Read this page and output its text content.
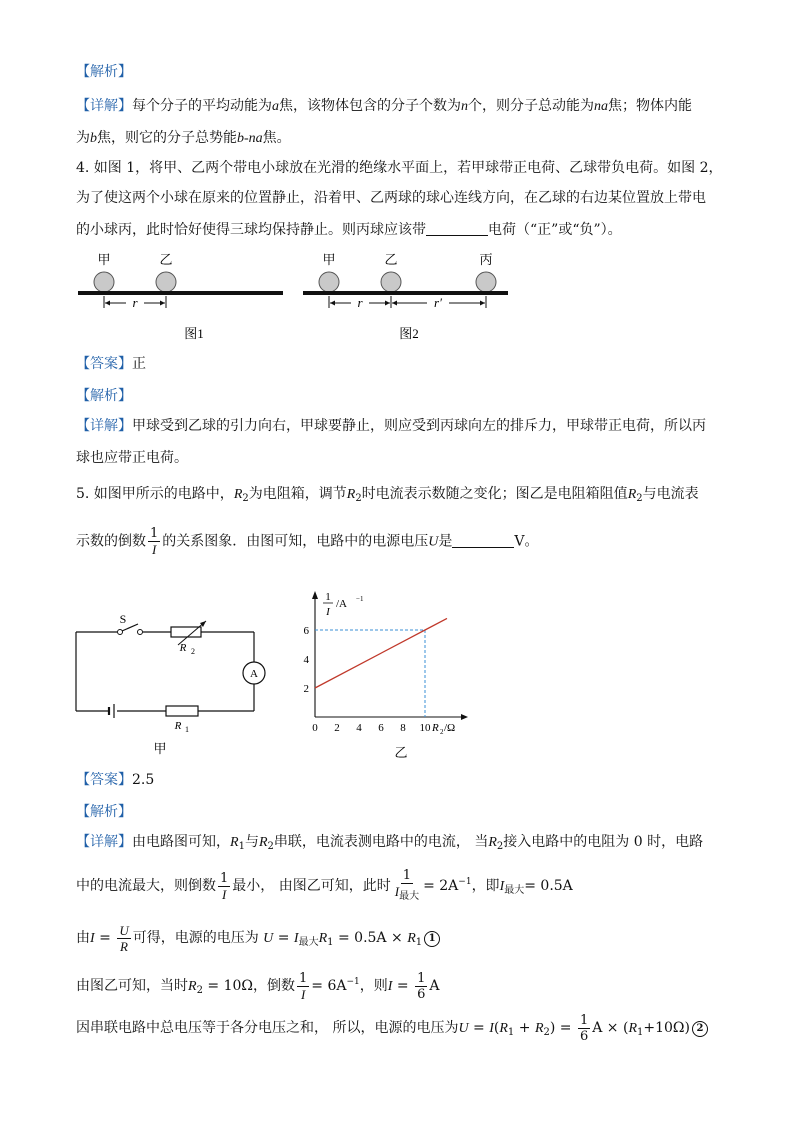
【解析】
【详解】每个分子的平均动能为a焦，该物体包含的分子个数为n个，则分子总动能为na焦；物体内能
为b焦，则它的分子总势能b-na焦。
4. 如图 1，将甲、乙两个带电小球放在光滑的绝缘水平面上，若甲球带正电荷、乙球带负电荷。如图 2，
为了使这两个小球在原来的位置静止，沿着甲、乙两球的球心连线方向，在乙球的右边某位置放上带电
的小球丙，此时恰好使得三球均保持静止。则丙球应该带	电荷（“正”或“负”）。
甲	乙
r
图1
甲	乙	丙
r	r′
图2
【答案】正
【解析】
【详解】甲球受到乙球的引力向右，甲球要静止，则应受到丙球向左的排斥力，甲球带正电荷，所以丙
球也应带正电荷。
5. 如图甲所示的电路中，$R_2$为电阻箱，调节$R_2$时电流表示数随之变化；图乙是电阻箱阻值$R_2$与电流表
示数的倒数 $\frac{1}{I}$ 的关系图象．由图可知，电路中的电源电压U是	V。
S
R 2
A
R 1
甲
1
I
/A −1
R 2 /Ω
乙
0 2 4 6 8 10
2
4
6
【答案】2.5
【解析】
【详解】由电路图可知，$R_1$与$R_2$串联，电流表测电路中的电流， 当$R_2$接入电路中的电阻为 0 时，电路
中的电流最大，则倒数 $\frac{1}{I}$ 最小， 由图乙可知，此时 $\frac{1}{I_{最大}} = 2A^{-1}$，即$I_{最大}= 0.5A$
由$I = \frac{U}{R}$ 可得，电源的电压为 $U = I_{最大}R_1 = 0.5A \times R_1$ 1
由图乙可知，当时$R_2 = 10\Omega$，倒数 $\frac{1}{I} = 6A^{-1}$，则$I = \frac{1}{6}$ A
因串联电路中总电压等于各分电压之和， 所以，电源的电压为$U = I(R_1 + R_2) = \frac{1}{6}$ $A \times (R_1+10\Omega)$ 2
